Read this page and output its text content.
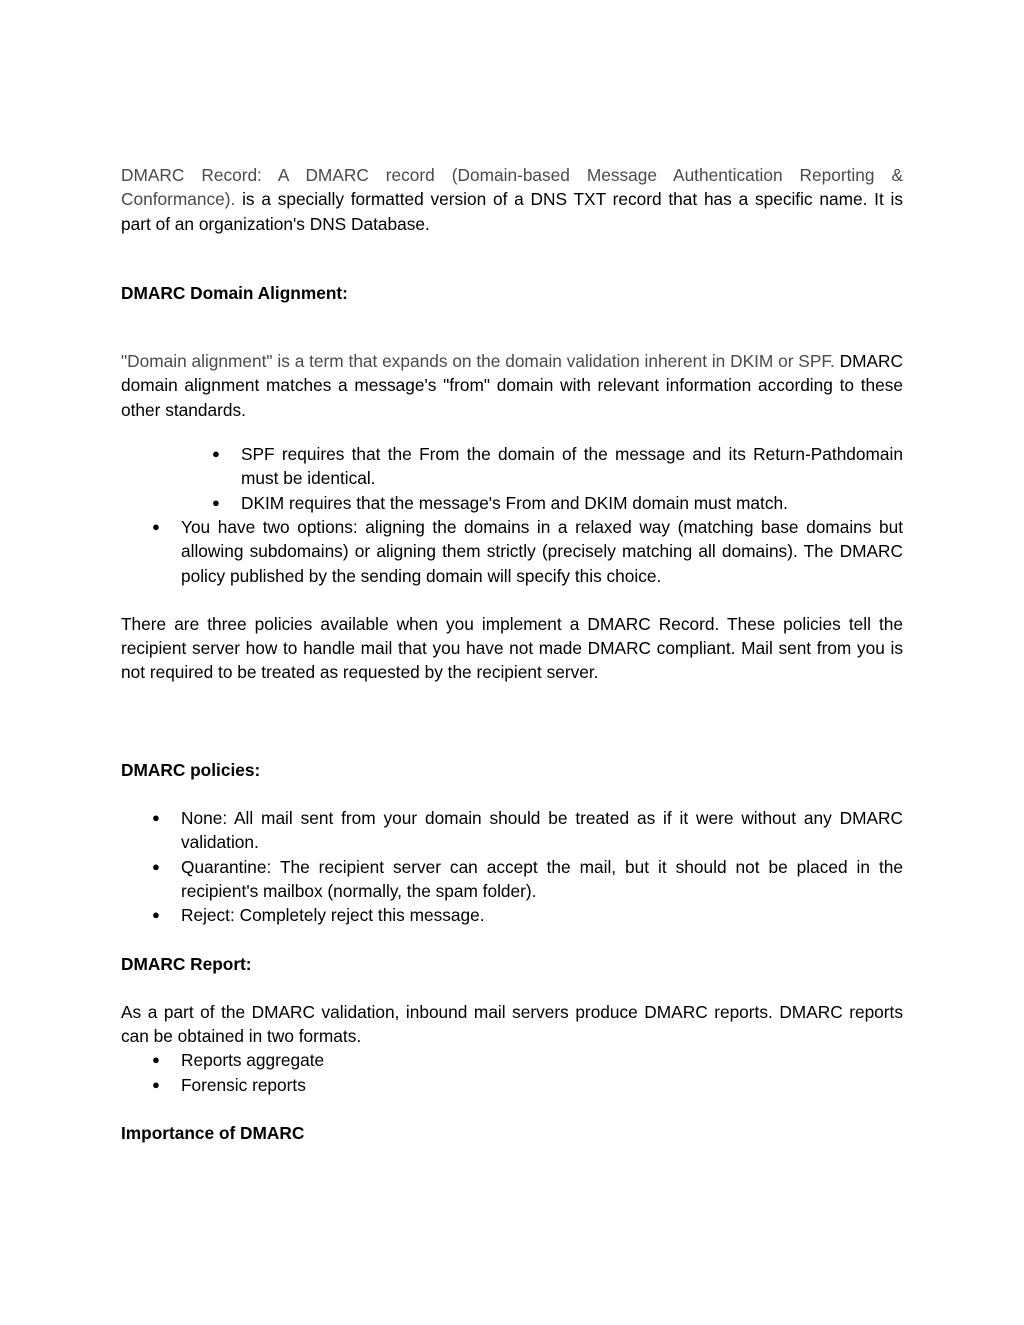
DMARC Record: A DMARC record (Domain-based Message Authentication Reporting & Conformance). is a specially formatted version of a DNS TXT record that has a specific name. It is part of an organization's DNS Database.

DMARC Domain Alignment:

"Domain alignment" is a term that expands on the domain validation inherent in DKIM or SPF. DMARC domain alignment matches a message's "from" domain with relevant information according to these other standards.

● SPF requires that the From the domain of the message and its Return-Pathdomain must be identical.
● DKIM requires that the message's From and DKIM domain must match.
● You have two options: aligning the domains in a relaxed way (matching base domains but allowing subdomains) or aligning them strictly (precisely matching all domains). The DMARC policy published by the sending domain will specify this choice.

There are three policies available when you implement a DMARC Record. These policies tell the recipient server how to handle mail that you have not made DMARC compliant. Mail sent from you is not required to be treated as requested by the recipient server.

DMARC policies:
● None: All mail sent from your domain should be treated as if it were without any DMARC validation.
● Quarantine: The recipient server can accept the mail, but it should not be placed in the recipient's mailbox (normally, the spam folder).
● Reject: Completely reject this message.
DMARC Report:

As a part of the DMARC validation, inbound mail servers produce DMARC reports. DMARC reports can be obtained in two formats.

● Reports aggregate
● Forensic reports
Importance of DMARC
